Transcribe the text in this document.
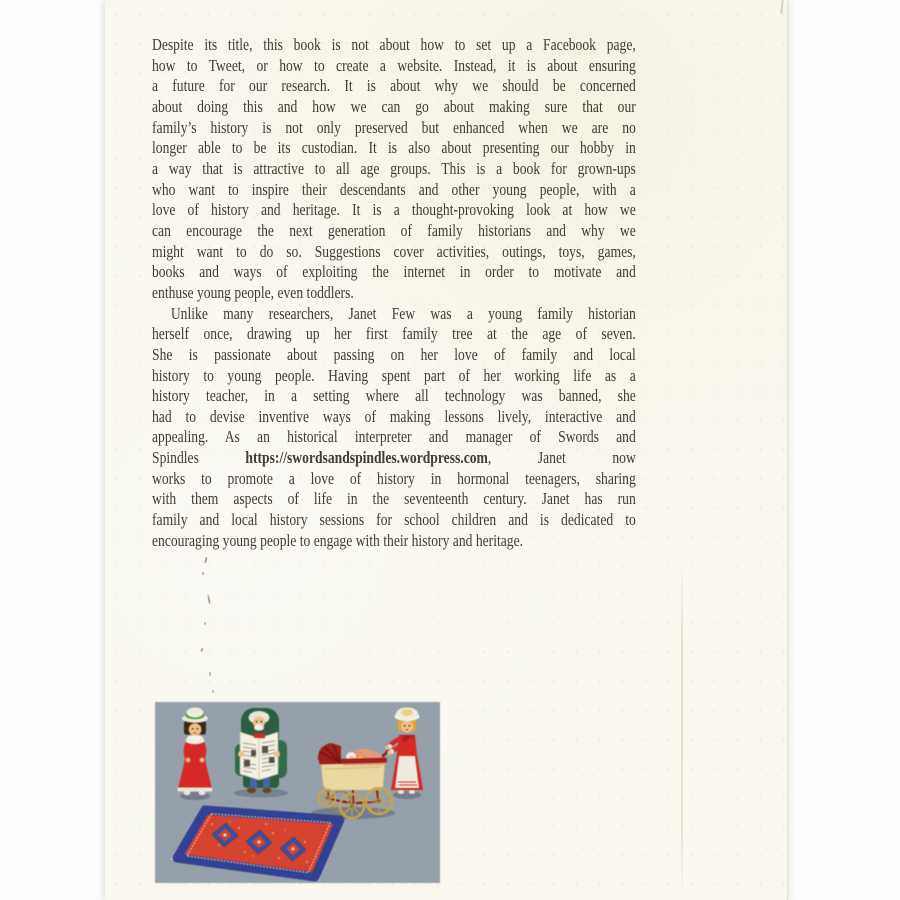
Despite its title, this book is not about how to set up a Facebook page,
how to Tweet, or how to create a website. Instead, it is about ensuring
a future for our research. It is about why we should be concerned
about doing this and how we can go about making sure that our
family’s history is not only preserved but enhanced when we are no
longer able to be its custodian. It is also about presenting our hobby in
a way that is attractive to all age groups. This is a book for grown-ups
who want to inspire their descendants and other young people, with a
love of history and heritage. It is a thought-provoking look at how we
can encourage the next generation of family historians and why we
might want to do so. Suggestions cover activities, outings, toys, games,
books and ways of exploiting the internet in order to motivate and
enthuse young people, even toddlers.
Unlike many researchers, Janet Few was a young family historian
herself once, drawing up her first family tree at the age of seven.
She is passionate about passing on her love of family and local
history to young people. Having spent part of her working life as a
history teacher, in a setting where all technology was banned, she
had to devise inventive ways of making lessons lively, interactive and
appealing. As an historical interpreter and manager of Swords and
Spindles https://swordsandspindles.wordpress.com, Janet now
works to promote a love of history in hormonal teenagers, sharing
with them aspects of life in the seventeenth century. Janet has run
family and local history sessions for school children and is dedicated to
encouraging young people to engage with their history and heritage.
